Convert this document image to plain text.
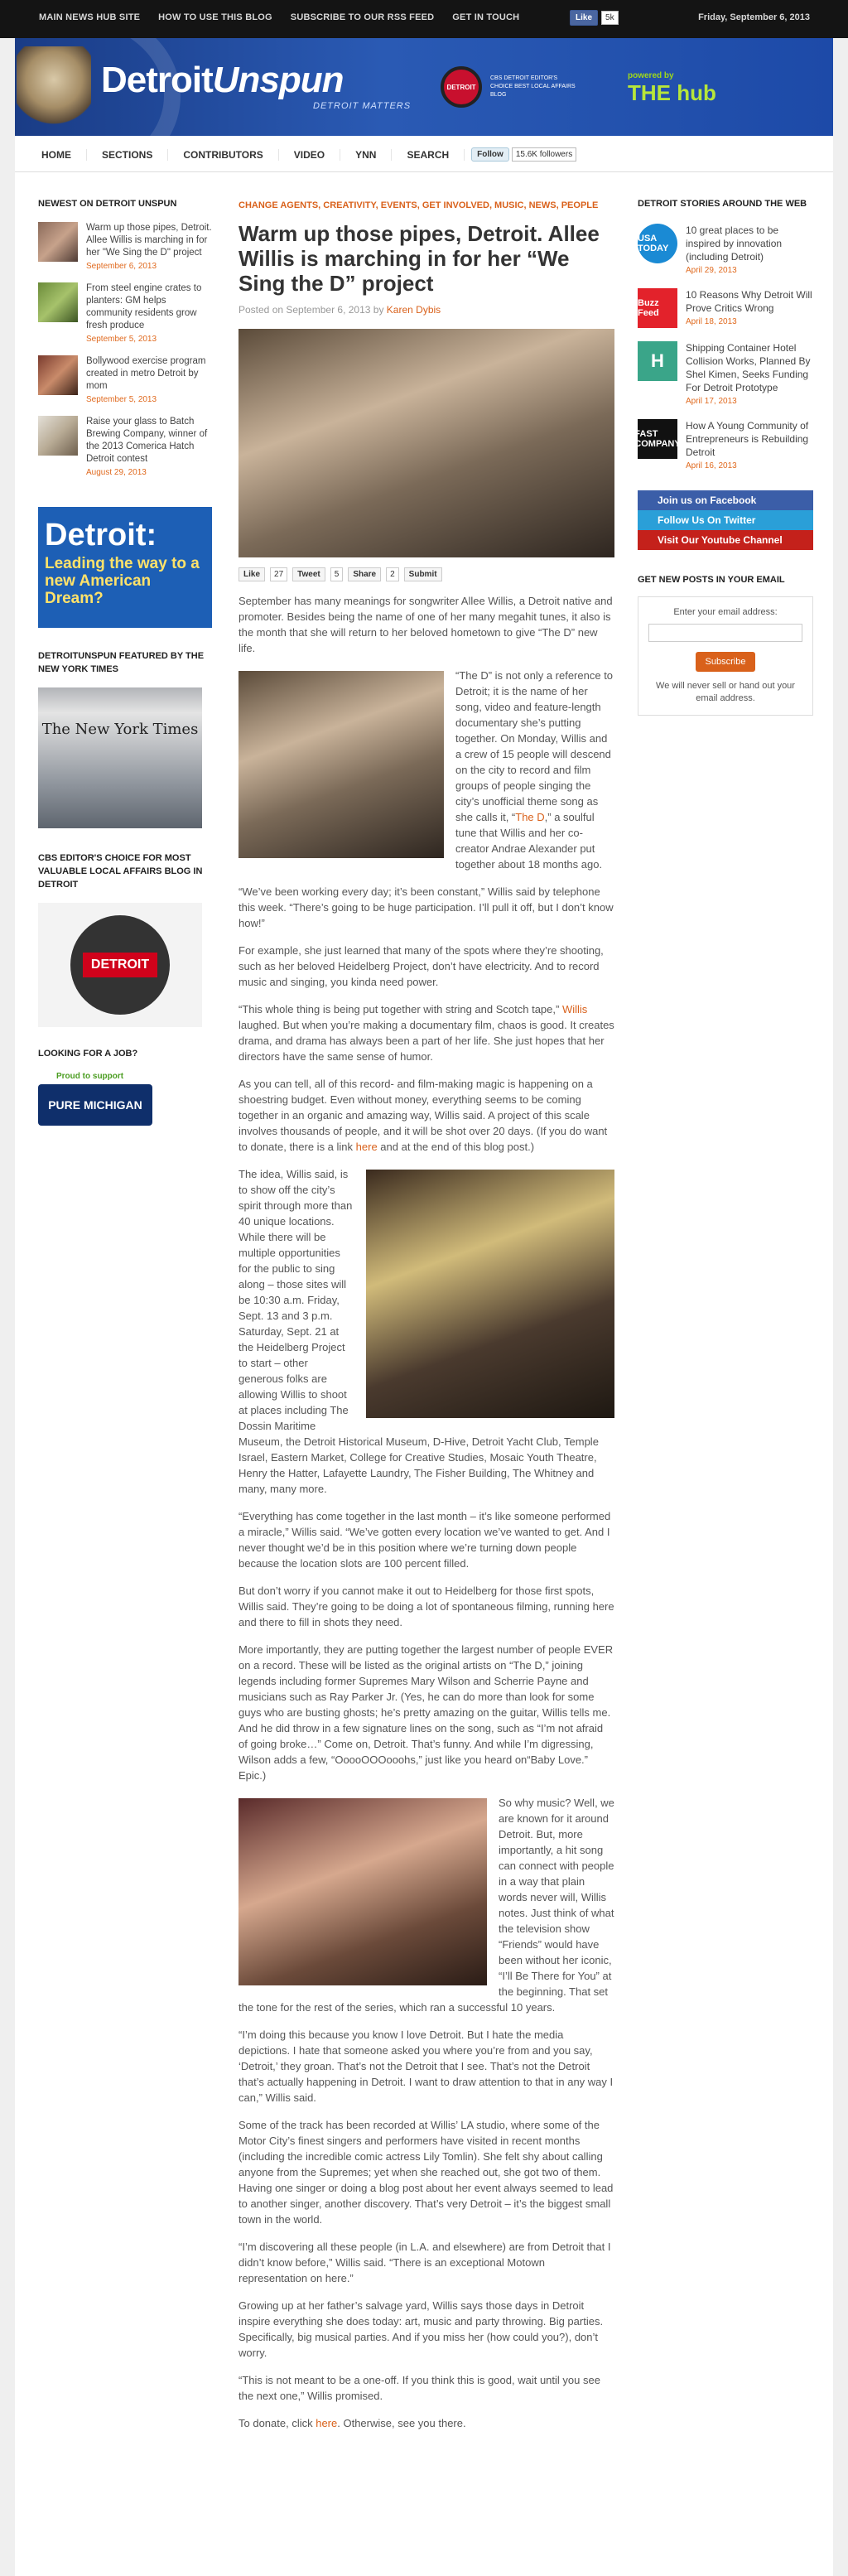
MAIN NEWS HUB SITE HOW TO USE THIS BLOG SUBSCRIBE TO OUR RSS FEED GET IN TOUCH	Like	5k	Friday, September 6, 2013
DetroitUnspun
DETROIT MATTERS
DETROIT
CBS DETROIT EDITOR'S CHOICE BEST LOCAL AFFAIRS BLOG
powered by
THE hub
HOME	SECTIONS	CONTRIBUTORS	VIDEO	YNN	SEARCH	Follow	15.6K followers
NEWEST ON DETROIT UNSPUN
Warm up those pipes, Detroit. Allee Willis is marching in for her "We Sing the D" project
September 6, 2013
From steel engine crates to planters: GM helps community residents grow fresh produce
September 5, 2013
Bollywood exercise program created in metro Detroit by mom
September 5, 2013
Raise your glass to Batch Brewing Company, winner of the 2013 Comerica Hatch Detroit contest
August 29, 2013
Detroit:
Leading the way to a new American Dream?
DETROITUNSPUN FEATURED BY THE NEW YORK TIMES
The New York Times
CBS EDITOR'S CHOICE FOR MOST VALUABLE LOCAL AFFAIRS BLOG IN DETROIT
DETROIT
LOOKING FOR A JOB?
Proud to support
PURE MICHIGAN
CHANGE AGENTS, CREATIVITY, EVENTS, GET INVOLVED, MUSIC, NEWS, PEOPLE
Warm up those pipes, Detroit. Allee Willis is marching in for her “We Sing the D” project
Posted on September 6, 2013 by Karen Dybis
Like	27	Tweet	5	Share	2	Submit

September has many meanings for songwriter Allee Willis, a Detroit native and promoter. Besides being the name of one of her many megahit tunes, it also is the month that she will return to her beloved hometown to give “The D” new life.

“The D” is not only a reference to Detroit; it is the name of her song, video and feature-length documentary she’s putting together. On Monday, Willis and a crew of 15 people will descend on the city to record and film groups of people singing the city’s unofficial theme song as she calls it, “The D,” a soulful tune that Willis and her co-creator Andrae Alexander put together about 18 months ago.

“We’ve been working every day; it’s been constant,” Willis said by telephone this week. “There’s going to be huge participation. I’ll pull it off, but I don’t know how!”

For example, she just learned that many of the spots where they’re shooting, such as her beloved Heidelberg Project, don’t have electricity. And to record music and singing, you kinda need power.

“This whole thing is being put together with string and Scotch tape,” Willis laughed. But when you’re making a documentary film, chaos is good. It creates drama, and drama has always been a part of her life. She just hopes that her directors have the same sense of humor.

As you can tell, all of this record- and film-making magic is happening on a shoestring budget. Even without money, everything seems to be coming together in an organic and amazing way, Willis said. A project of this scale involves thousands of people, and it will be shot over 20 days. (If you do want to donate, there is a link here and at the end of this blog post.)

The idea, Willis said, is to show off the city’s spirit through more than 40 unique locations. While there will be multiple opportunities for the public to sing along – those sites will be 10:30 a.m. Friday, Sept. 13 and 3 p.m. Saturday, Sept. 21 at the Heidelberg Project to start – other generous folks are allowing Willis to shoot at places including The Dossin Maritime Museum, the Detroit Historical Museum, D-Hive, Detroit Yacht Club, Temple Israel, Eastern Market, College for Creative Studies, Mosaic Youth Theatre, Henry the Hatter, Lafayette Laundry, The Fisher Building, The Whitney and many, many more.

“Everything has come together in the last month – it’s like someone performed a miracle,” Willis said. “We’ve gotten every location we’ve wanted to get. And I never thought we’d be in this position where we’re turning down people because the location slots are 100 percent filled.

But don’t worry if you cannot make it out to Heidelberg for those first spots, Willis said. They’re going to be doing a lot of spontaneous filming, running here and there to fill in shots they need.

More importantly, they are putting together the largest number of people EVER on a record. These will be listed as the original artists on “The D,” joining legends including former Supremes Mary Wilson and Scherrie Payne and musicians such as Ray Parker Jr. (Yes, he can do more than look for some guys who are busting ghosts; he’s pretty amazing on the guitar, Willis tells me. And he did throw in a few signature lines on the song, such as “I’m not afraid of going broke…” Come on, Detroit. That’s funny. And while I’m digressing, Wilson adds a few, “OoooOOOooohs,” just like you heard on“Baby Love.” Epic.)

So why music? Well, we are known for it around Detroit. But, more importantly, a hit song can connect with people in a way that plain words never will, Willis notes. Just think of what the television show “Friends” would have been without her iconic, “I’ll Be There for You” at the beginning. That set the tone for the rest of the series, which ran a successful 10 years.

“I’m doing this because you know I love Detroit. But I hate the media depictions. I hate that someone asked you where you’re from and you say, ‘Detroit,’ they groan. That’s not the Detroit that I see. That’s not the Detroit that’s actually happening in Detroit. I want to draw attention to that in any way I can,” Willis said.

Some of the track has been recorded at Willis’ LA studio, where some of the Motor City’s finest singers and performers have visited in recent months (including the incredible comic actress Lily Tomlin). She felt shy about calling anyone from the Supremes; yet when she reached out, she got two of them. Having one singer or doing a blog post about her event always seemed to lead to another singer, another discovery. That’s very Detroit – it’s the biggest small town in the world.

“I’m discovering all these people (in L.A. and elsewhere) are from Detroit that I didn’t know before,” Willis said. “There is an exceptional Motown representation on here.”

Growing up at her father’s salvage yard, Willis says those days in Detroit inspire everything she does today: art, music and party throwing. Big parties. Specifically, big musical parties. And if you miss her (how could you?), don’t worry.

“This is not meant to be a one-off. If you think this is good, wait until you see the next one,” Willis promised.

To donate, click here. Otherwise, see you there.

DETROIT STORIES AROUND THE WEB
USA TODAY
10 great places to be inspired by innovation (including Detroit)
April 29, 2013
Buzz Feed
10 Reasons Why Detroit Will Prove Critics Wrong
April 18, 2013
H
Shipping Container Hotel Collision Works, Planned By Shel Kimen, Seeks Funding For Detroit Prototype
April 17, 2013
FAST COMPANY
How A Young Community of Entrepreneurs is Rebuilding Detroit
April 16, 2013
Join us on Facebook
Follow Us On Twitter
Visit Our Youtube Channel
GET NEW POSTS IN YOUR EMAIL
Enter your email address:
Subscribe
We will never sell or hand out your email address.
